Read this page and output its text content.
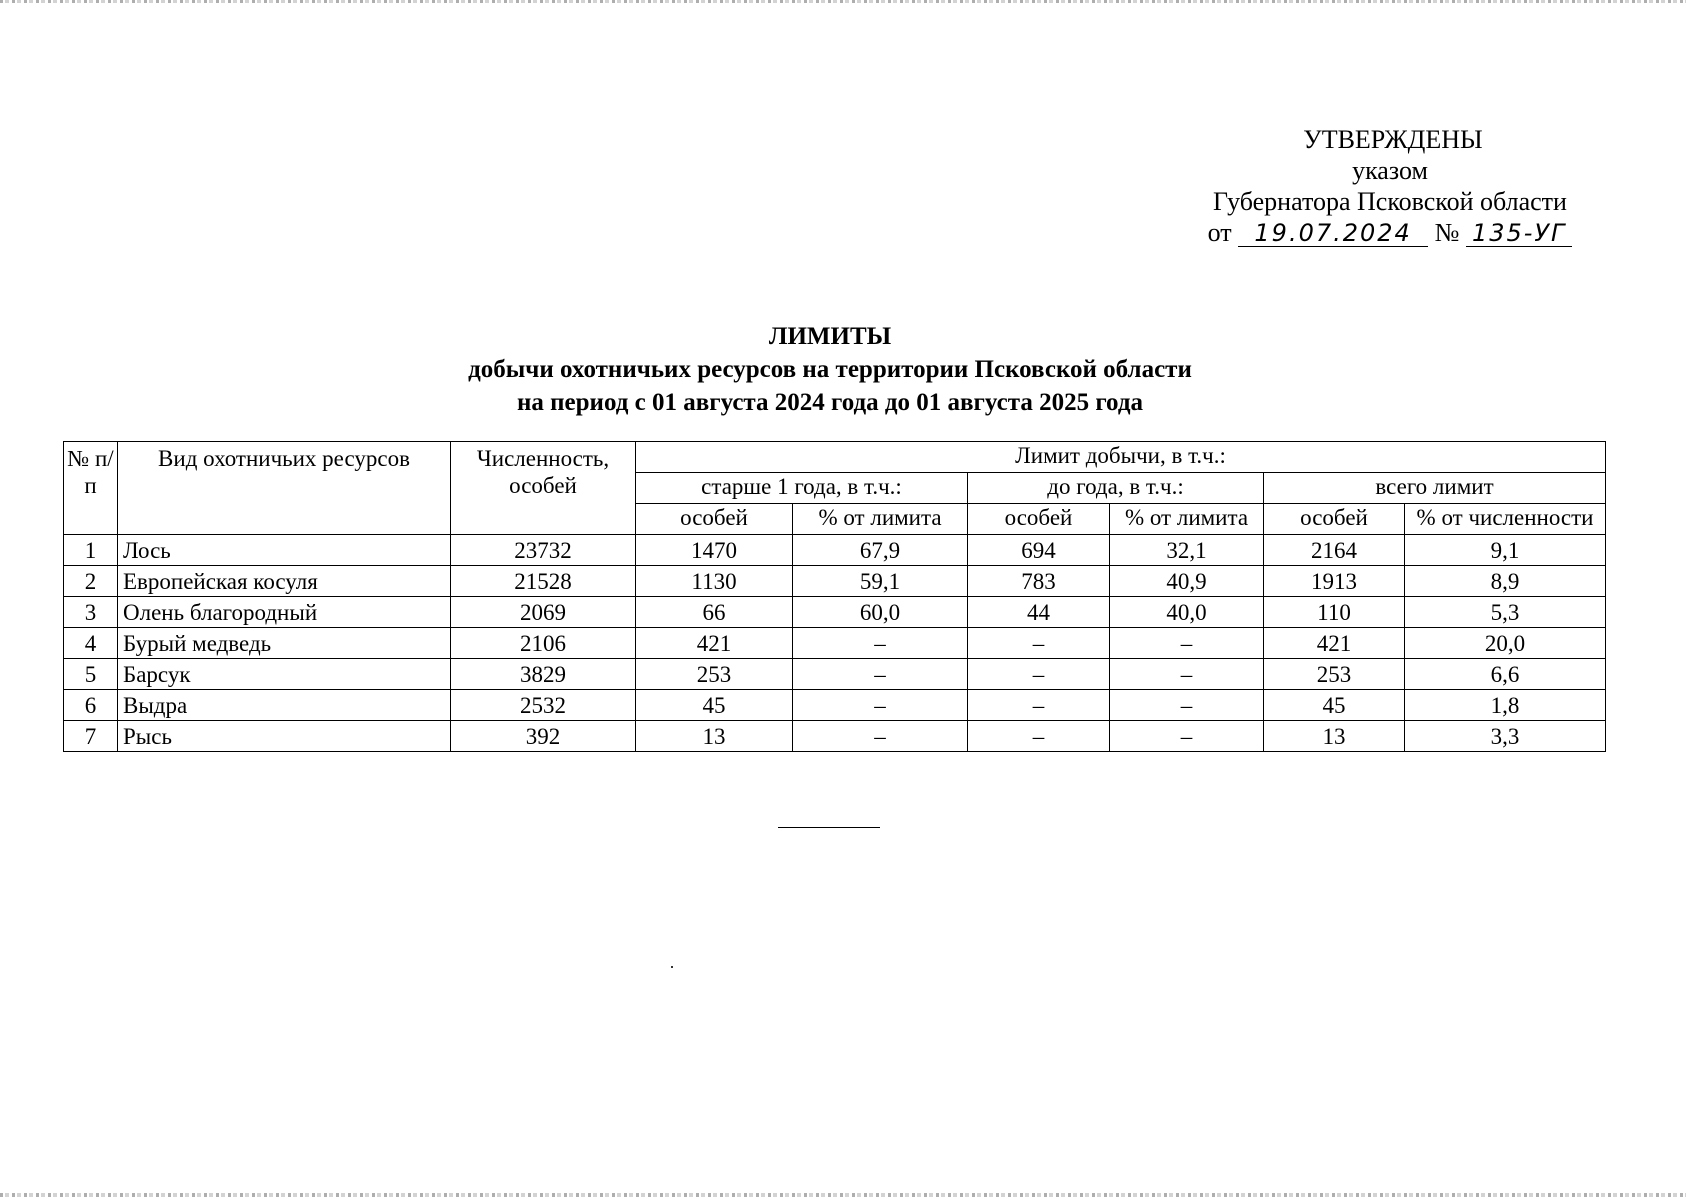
УТВЕРЖДЕНЫ
указом
Губернатора Псковской области
от 19.07.2024 № 135-УГ
ЛИМИТЫ
добычи охотничьих ресурсов на территории Псковской области
на период с 01 августа 2024 года до 01 августа 2025 года
№ п/п	Вид охотничьих ресурсов	Численность, особей	Лимит добычи, в т.ч.:					
			старше 1 года, в т.ч.:		до года, в т.ч.:		всего лимит	
			особей	% от лимита	особей	% от лимита	особей	% от численности
1	Лось	23732	1470	67,9	694	32,1	2164	9,1
2	Европейская косуля	21528	1130	59,1	783	40,9	1913	8,9
3	Олень благородный	2069	66	60,0	44	40,0	110	5,3
4	Бурый медведь	2106	421	–	–	–	421	20,0
5	Барсук	3829	253	–	–	–	253	6,6
6	Выдра	2532	45	–	–	–	45	1,8
7	Рысь	392	13	–	–	–	13	3,3
